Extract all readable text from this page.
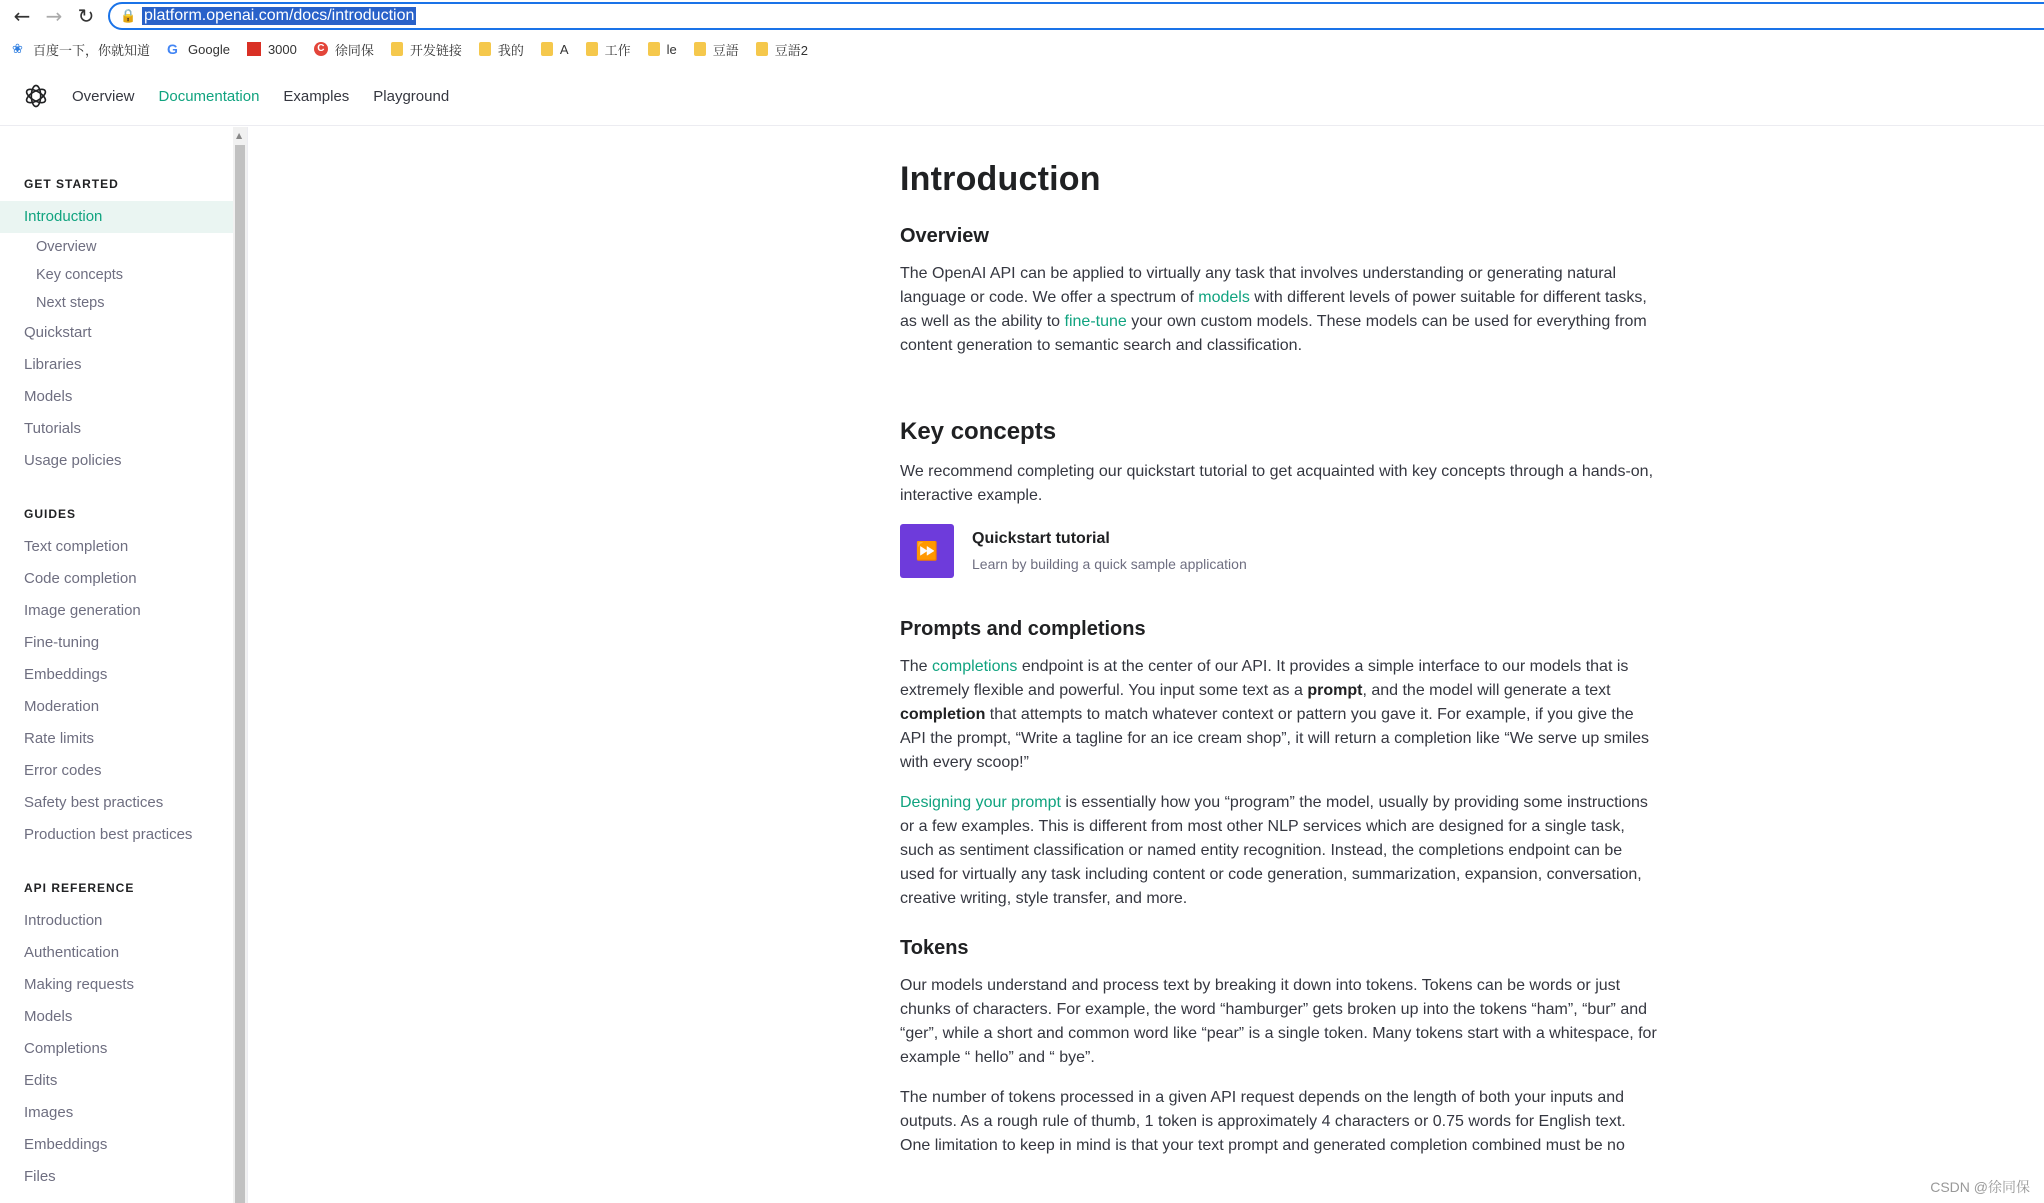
← → ↻ 🔒 platform.openai.com/docs/introduction
❀ 百度一下，你就知道 G Google	3000	C 徐同保	开发链接	我的	A	工作	le	豆語	豆語2
Overview Documentation Examples Playground
GET STARTED
Introduction
Overview
Key concepts
Next steps
Quickstart
Libraries
Models
Tutorials
Usage policies
GUIDES
Text completion
Code completion
Image generation
Fine-tuning
Embeddings
Moderation
Rate limits
Error codes
Safety best practices
Production best practices
API REFERENCE
Introduction
Authentication
Making requests
Models
Completions
Edits
Images
Embeddings
Files
▲
Introduction
Overview

The OpenAI API can be applied to virtually any task that involves understanding or generating natural language or code. We offer a spectrum of models with different levels of power suitable for different tasks, as well as the ability to fine-tune your own custom models. These models can be used for everything from content generation to semantic search and classification.

Key concepts

We recommend completing our quickstart tutorial to get acquainted with key concepts through a hands-on, interactive example.

⏩
Quickstart tutorial
Learn by building a quick sample application
Prompts and completions

The completions endpoint is at the center of our API. It provides a simple interface to our models that is extremely flexible and powerful. You input some text as a prompt, and the model will generate a text completion that attempts to match whatever context or pattern you gave it. For example, if you give the API the prompt, “Write a tagline for an ice cream shop”, it will return a completion like “We serve up smiles with every scoop!”

Designing your prompt is essentially how you “program” the model, usually by providing some instructions or a few examples. This is different from most other NLP services which are designed for a single task, such as sentiment classification or named entity recognition. Instead, the completions endpoint can be used for virtually any task including content or code generation, summarization, expansion, conversation, creative writing, style transfer, and more.

Tokens

Our models understand and process text by breaking it down into tokens. Tokens can be words or just chunks of characters. For example, the word “hamburger” gets broken up into the tokens “ham”, “bur” and “ger”, while a short and common word like “pear” is a single token. Many tokens start with a whitespace, for example “ hello” and “ bye”.

The number of tokens processed in a given API request depends on the length of both your inputs and outputs. As a rough rule of thumb, 1 token is approximately 4 characters or 0.75 words for English text. One limitation to keep in mind is that your text prompt and generated completion combined must be no

CSDN @徐同保
